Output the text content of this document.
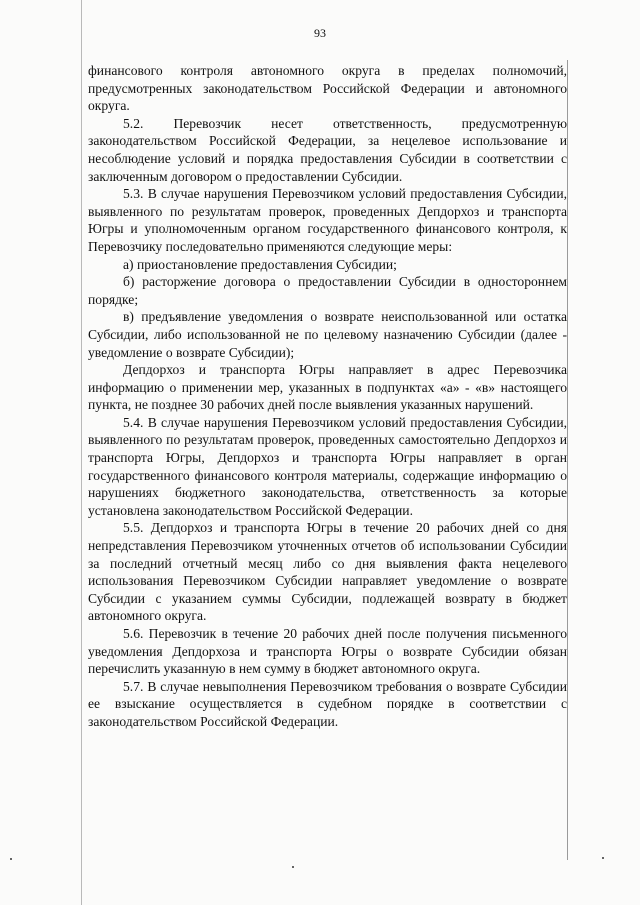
93

финансового контроля автономного округа в пределах полномочий, предусмотренных законодательством Российской Федерации и автономного округа.

5.2. Перевозчик несет ответственность, предусмотренную законодательством Российской Федерации, за нецелевое использование и несоблюдение условий и порядка предоставления Субсидии в соответствии с заключенным договором о предоставлении Субсидии.

5.3. В случае нарушения Перевозчиком условий предоставления Субсидии, выявленного по результатам проверок, проведенных Депдорхоз и транспорта Югры и уполномоченным органом государственного финансового контроля, к Перевозчику последовательно применяются следующие меры:

а) приостановление предоставления Субсидии;

б) расторжение договора о предоставлении Субсидии в одностороннем порядке;

в) предъявление уведомления о возврате неиспользованной или остатка Субсидии, либо использованной не по целевому назначению Субсидии (далее - уведомление о возврате Субсидии);

Депдорхоз и транспорта Югры направляет в адрес Перевозчика информацию о применении мер, указанных в подпунктах «а» - «в» настоящего пункта, не позднее 30 рабочих дней после выявления указанных нарушений.

5.4. В случае нарушения Перевозчиком условий предоставления Субсидии, выявленного по результатам проверок, проведенных самостоятельно Депдорхоз и транспорта Югры, Депдорхоз и транспорта Югры направляет в орган государственного финансового контроля материалы, содержащие информацию о нарушениях бюджетного законодательства, ответственность за которые установлена законодательством Российской Федерации.

5.5. Депдорхоз и транспорта Югры в течение 20 рабочих дней со дня непредставления Перевозчиком уточненных отчетов об использовании Субсидии за последний отчетный месяц либо со дня выявления факта нецелевого использования Перевозчиком Субсидии направляет уведомление о возврате Субсидии с указанием суммы Субсидии, подлежащей возврату в бюджет автономного округа.

5.6. Перевозчик в течение 20 рабочих дней после получения письменного уведомления Депдорхоза и транспорта Югры о возврате Субсидии обязан перечислить указанную в нем сумму в бюджет автономного округа.

5.7. В случае невыполнения Перевозчиком требования о возврате Субсидии ее взыскание осуществляется в судебном порядке в соответствии с законодательством Российской Федерации.
